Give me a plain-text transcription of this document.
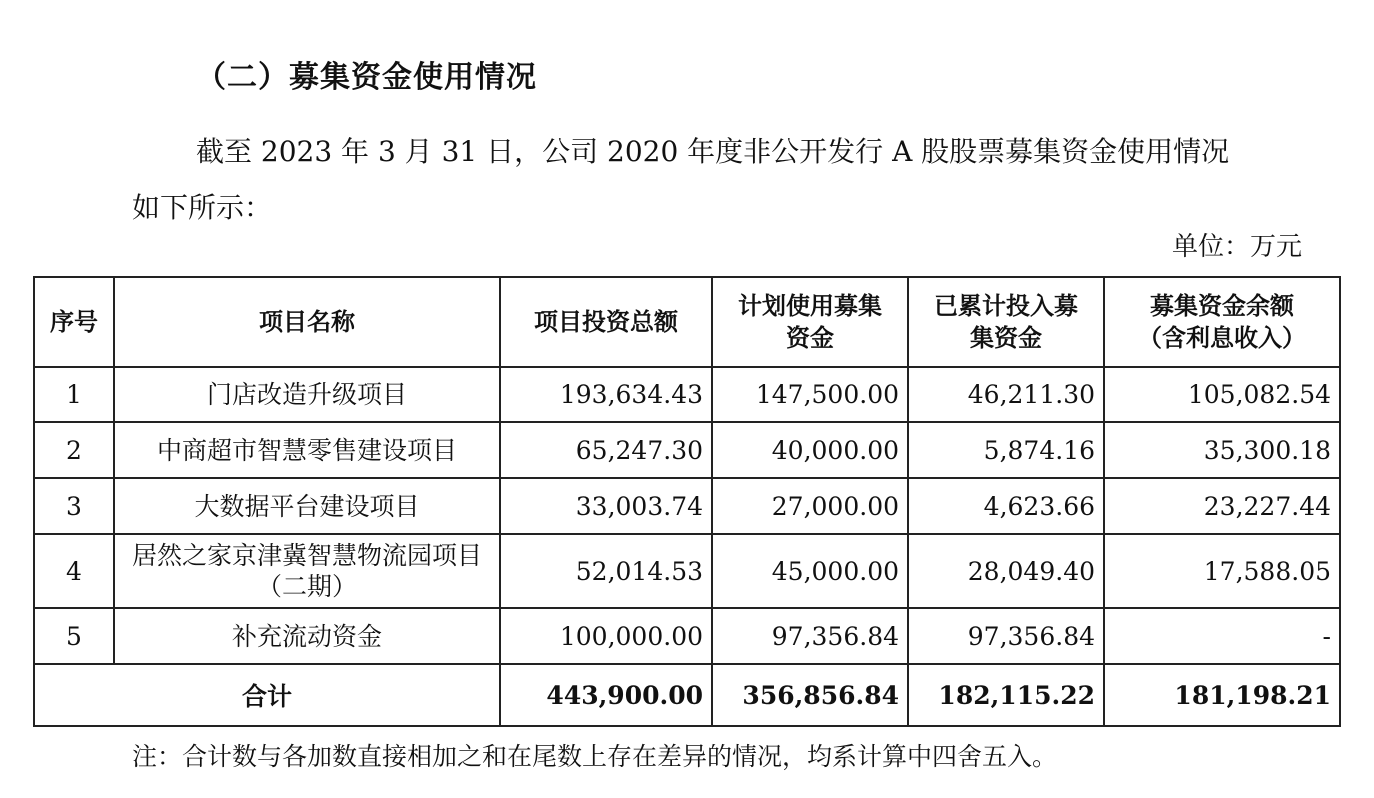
（二）募集资金使用情况
截至 2023 年 3 月 31 日，公司 2020 年度非公开发行 A 股股票募集资金使用情况如下所示：
单位：万元
序号	项目名称	项目投资总额	计划使用募集资金	已累计投入募集资金	募集资金余额（含利息收入）
1	门店改造升级项目	193,634.43	147,500.00	46,211.30	105,082.54
2	中商超市智慧零售建设项目	65,247.30	40,000.00	5,874.16	35,300.18
3	大数据平台建设项目	33,003.74	27,000.00	4,623.66	23,227.44
4	居然之家京津冀智慧物流园项目（二期）	52,014.53	45,000.00	28,049.40	17,588.05
5	补充流动资金	100,000.00	97,356.84	97,356.84	-
合计		443,900.00	356,856.84	182,115.22	181,198.21
注：合计数与各加数直接相加之和在尾数上存在差异的情况，均系计算中四舍五入。
